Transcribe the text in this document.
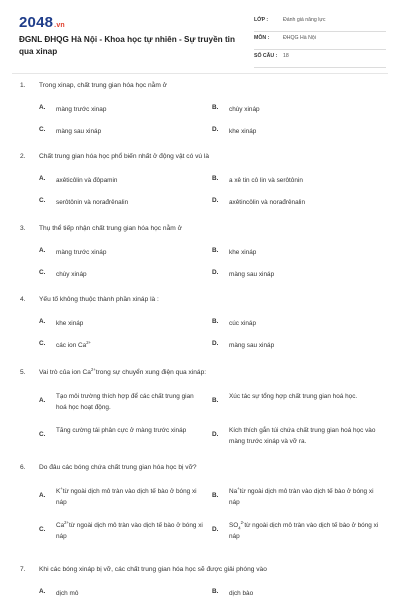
2048.vn
ĐGNL ĐHQG Hà Nội - Khoa học tự nhiên - Sự truyền tin qua xinap
LỚP :	Đánh giá năng lực
MÔN :	ĐHQG Hà Nội
SỐ CÂU : 18
1. Trong xinap, chất trung gian hóa học nằm ở
A. màng trước xinap	B. chùy xináp
C. màng sau xináp	D. khe xináp
2. Chất trung gian hóa học phổ biến nhất ở động vật có vú là
A. axêticôlin và đôpamin	B. a xê tin cô lin và serôtônin
C. serôtônin và norađrênalin	D. axêtincôlin và norađrênalin
3. Thụ thể tiếp nhận chất trung gian hóa học nằm ở
A. màng trước xináp	B. khe xináp
C. chùy xináp	D. màng sau xináp
4. Yếu tố không thuộc thành phần xináp là :
A. khe xináp	B. cúc xináp
C. các ion $Ca^{2+}$	D. màng sau xináp
5. Vai trò của ion $Ca^{2+}trong$ sự chuyển xung điện qua xináp:
A.
Tạo môi trường thích hợp để các chất trung gian hoá học hoạt động.
B.
Xúc tác sự tổng hợp chất trung gian hoá học.
C.
Tăng cường tái phân cực ở màng trước xináp
D.
Kích thích gắn túi chứa chất trung gian hoá học vào màng trước xináp và vỡ ra.
6. Do đâu các bóng chứa chất trung gian hóa học bị vỡ?
A.
K+từ ngoài dịch mô tràn vào dịch tế bào ở bóng xi náp
B.
Na+từ ngoài dịch mô tràn vào dịch tế bào ở bóng xi náp
C.
$Ca^{2+}từ$ ngoài dịch mô tràn vào dịch tế bào ở bóng xi náp
D.
$SO_4^{2-}từ$ ngoài dịch mô tràn vào dịch tế bào ở bóng xi náp
7. Khi các bóng xináp bị vỡ, các chất trung gian hóa học sẽ được giải phóng vào
A. dịch mô	B. dịch bào
